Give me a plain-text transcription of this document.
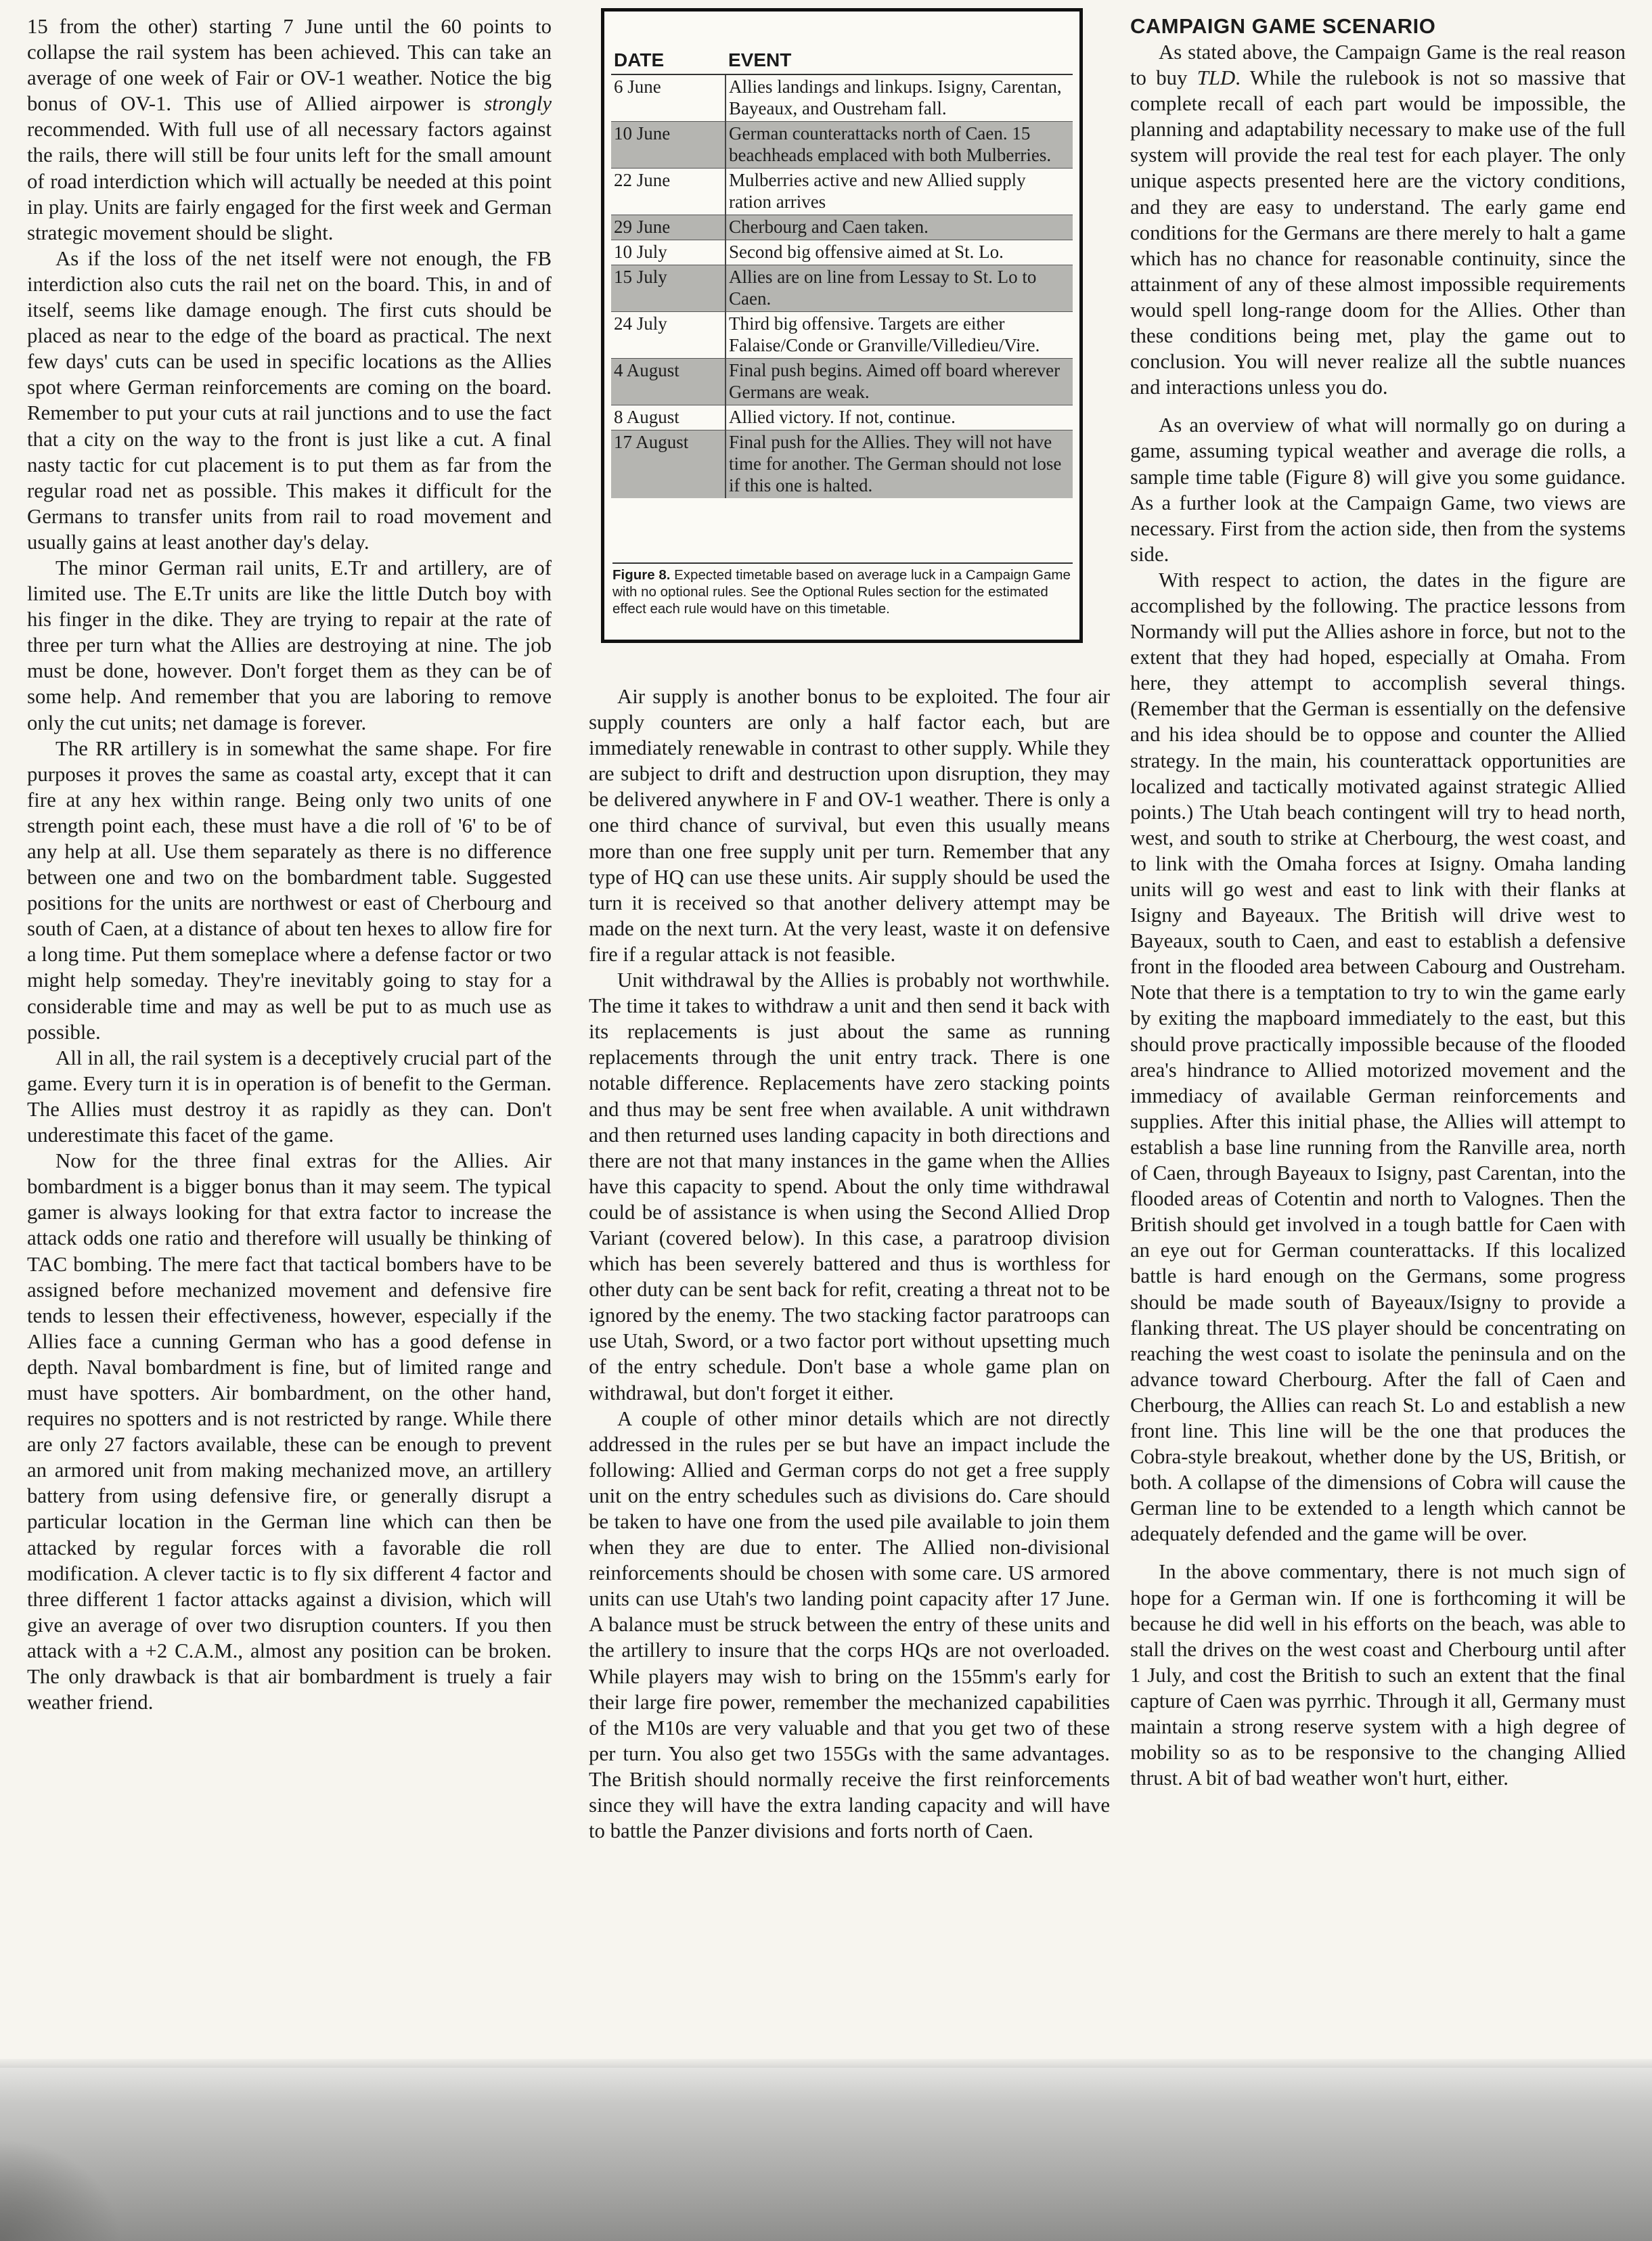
15 from the other) starting 7 June until the 60 points to collapse the rail system has been achieved. This can take an average of one week of Fair or OV-1 weather. Notice the big bonus of OV-1. This use of Allied airpower is strongly recommended. With full use of all necessary factors against the rails, there will still be four units left for the small amount of road interdiction which will actually be needed at this point in play. Units are fairly engaged for the first week and German strategic movement should be slight.

As if the loss of the net itself were not enough, the FB interdiction also cuts the rail net on the board. This, in and of itself, seems like damage enough. The first cuts should be placed as near to the edge of the board as practical. The next few days' cuts can be used in specific locations as the Allies spot where German reinforcements are coming on the board. Remember to put your cuts at rail junctions and to use the fact that a city on the way to the front is just like a cut. A final nasty tactic for cut placement is to put them as far from the regular road net as possible. This makes it difficult for the Germans to transfer units from rail to road movement and usually gains at least another day's delay.

The minor German rail units, E.Tr and artillery, are of limited use. The E.Tr units are like the little Dutch boy with his finger in the dike. They are trying to repair at the rate of three per turn what the Allies are destroying at nine. The job must be done, however. Don't forget them as they can be of some help. And remember that you are laboring to remove only the cut units; net damage is forever.

The RR artillery is in somewhat the same shape. For fire purposes it proves the same as coastal arty, except that it can fire at any hex within range. Being only two units of one strength point each, these must have a die roll of '6' to be of any help at all. Use them separately as there is no difference between one and two on the bombardment table. Suggested positions for the units are northwest or east of Cherbourg and south of Caen, at a distance of about ten hexes to allow fire for a long time. Put them someplace where a defense factor or two might help someday. They're inevitably going to stay for a considerable time and may as well be put to as much use as possible.

All in all, the rail system is a deceptively crucial part of the game. Every turn it is in operation is of benefit to the German. The Allies must destroy it as rapidly as they can. Don't underestimate this facet of the game.

Now for the three final extras for the Allies. Air bombardment is a bigger bonus than it may seem. The typical gamer is always looking for that extra factor to increase the attack odds one ratio and therefore will usually be thinking of TAC bombing. The mere fact that tactical bombers have to be assigned before mechanized movement and defensive fire tends to lessen their effectiveness, however, especially if the Allies face a cunning German who has a good defense in depth. Naval bombardment is fine, but of limited range and must have spotters. Air bombardment, on the other hand, requires no spotters and is not restricted by range. While there are only 27 factors available, these can be enough to prevent an armored unit from making mechanized move, an artillery battery from using defensive fire, or generally disrupt a particular location in the German line which can then be attacked by regular forces with a favorable die roll modification. A clever tactic is to fly six different 4 factor and three different 1 factor attacks against a division, which will give an average of over two disruption counters. If you then attack with a +2 C.A.M., almost any position can be broken. The only drawback is that air bombardment is truely a fair weather friend.

DATE	EVENT
6 June	Allies landings and linkups. Isigny, Carentan, Bayeaux, and Oustreham fall.
10 June	German counterattacks north of Caen. 15 beachheads emplaced with both Mulberries.
22 June	Mulberries active and new Allied supply ration arrives
29 June	Cherbourg and Caen taken.
10 July	Second big offensive aimed at St. Lo.
15 July	Allies are on line from Lessay to St. Lo to Caen.
24 July	Third big offensive. Targets are either Falaise/Conde or Granville/Villedieu/Vire.
4 August	Final push begins. Aimed off board wherever Germans are weak.
8 August	Allied victory. If not, continue.
17 August	Final push for the Allies. They will not have time for another. The German should not lose if this one is halted.
Figure 8. Expected timetable based on average luck in a Campaign Game with no optional rules. See the Optional Rules section for the estimated effect each rule would have on this timetable.

Air supply is another bonus to be exploited. The four air supply counters are only a half factor each, but are immediately renewable in contrast to other supply. While they are subject to drift and destruction upon disruption, they may be delivered anywhere in F and OV-1 weather. There is only a one third chance of survival, but even this usually means more than one free supply unit per turn. Remember that any type of HQ can use these units. Air supply should be used the turn it is received so that another delivery attempt may be made on the next turn. At the very least, waste it on defensive fire if a regular attack is not feasible.

Unit withdrawal by the Allies is probably not worthwhile. The time it takes to withdraw a unit and then send it back with its replacements is just about the same as running replacements through the unit entry track. There is one notable difference. Replacements have zero stacking points and thus may be sent free when available. A unit withdrawn and then returned uses landing capacity in both directions and there are not that many instances in the game when the Allies have this capacity to spend. About the only time withdrawal could be of assistance is when using the Second Allied Drop Variant (covered below). In this case, a paratroop division which has been severely battered and thus is worthless for other duty can be sent back for refit, creating a threat not to be ignored by the enemy. The two stacking factor paratroops can use Utah, Sword, or a two factor port without upsetting much of the entry schedule. Don't base a whole game plan on withdrawal, but don't forget it either.

A couple of other minor details which are not directly addressed in the rules per se but have an impact include the following: Allied and German corps do not get a free supply unit on the entry schedules such as divisions do. Care should be taken to have one from the used pile available to join them when they are due to enter. The Allied non-divisional reinforcements should be chosen with some care. US armored units can use Utah's two landing point capacity after 17 June. A balance must be struck between the entry of these units and the artillery to insure that the corps HQs are not overloaded. While players may wish to bring on the 155mm's early for their large fire power, remember the mechanized capabilities of the M10s are very valuable and that you get two of these per turn. You also get two 155Gs with the same advantages. The British should normally receive the first reinforcements since they will have the extra landing capacity and will have to battle the Panzer divisions and forts north of Caen.

CAMPAIGN GAME SCENARIO

As stated above, the Campaign Game is the real reason to buy TLD. While the rulebook is not so massive that complete recall of each part would be impossible, the planning and adaptability necessary to make use of the full system will provide the real test for each player. The only unique aspects presented here are the victory conditions, and they are easy to understand. The early game end conditions for the Germans are there merely to halt a game which has no chance for reasonable continuity, since the attainment of any of these almost impossible requirements would spell long-range doom for the Allies. Other than these conditions being met, play the game out to conclusion. You will never realize all the subtle nuances and interactions unless you do.

As an overview of what will normally go on during a game, assuming typical weather and average die rolls, a sample time table (Figure 8) will give you some guidance. As a further look at the Campaign Game, two views are necessary. First from the action side, then from the systems side.

With respect to action, the dates in the figure are accomplished by the following. The practice lessons from Normandy will put the Allies ashore in force, but not to the extent that they had hoped, especially at Omaha. From here, they attempt to accomplish several things. (Remember that the German is essentially on the defensive and his idea should be to oppose and counter the Allied strategy. In the main, his counterattack opportunities are localized and tactically motivated against strategic Allied points.) The Utah beach contingent will try to head north, west, and south to strike at Cherbourg, the west coast, and to link with the Omaha forces at Isigny. Omaha landing units will go west and east to link with their flanks at Isigny and Bayeaux. The British will drive west to Bayeaux, south to Caen, and east to establish a defensive front in the flooded area between Cabourg and Oustreham. Note that there is a temptation to try to win the game early by exiting the mapboard immediately to the east, but this should prove practically impossible because of the flooded area's hindrance to Allied motorized movement and the immediacy of available German reinforcements and supplies. After this initial phase, the Allies will attempt to establish a base line running from the Ranville area, north of Caen, through Bayeaux to Isigny, past Carentan, into the flooded areas of Cotentin and north to Valognes. Then the British should get involved in a tough battle for Caen with an eye out for German counterattacks. If this localized battle is hard enough on the Germans, some progress should be made south of Bayeaux/Isigny to provide a flanking threat. The US player should be concentrating on reaching the west coast to isolate the peninsula and on the advance toward Cherbourg. After the fall of Caen and Cherbourg, the Allies can reach St. Lo and establish a new front line. This line will be the one that produces the Cobra-style breakout, whether done by the US, British, or both. A collapse of the dimensions of Cobra will cause the German line to be extended to a length which cannot be adequately defended and the game will be over.

In the above commentary, there is not much sign of hope for a German win. If one is forthcoming it will be because he did well in his efforts on the beach, was able to stall the drives on the west coast and Cherbourg until after 1 July, and cost the British to such an extent that the final capture of Caen was pyrrhic. Through it all, Germany must maintain a strong reserve system with a high degree of mobility so as to be responsive to the changing Allied thrust. A bit of bad weather won't hurt, either.
